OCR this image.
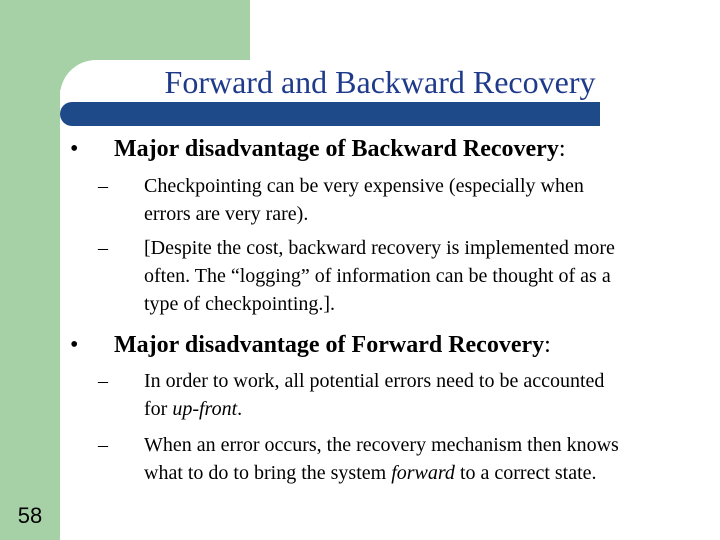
Forward and Backward Recovery
• Major disadvantage of Backward Recovery:
– Checkpointing can be very expensive (especially when
errors are very rare).
– [Despite the cost, backward recovery is implemented more
often. The “logging” of information can be thought of as a
type of checkpointing.].
• Major disadvantage of Forward Recovery:
– In order to work, all potential errors need to be accounted
for up-front.
– When an error occurs, the recovery mechanism then knows
what to do to bring the system forward to a correct state.
58
